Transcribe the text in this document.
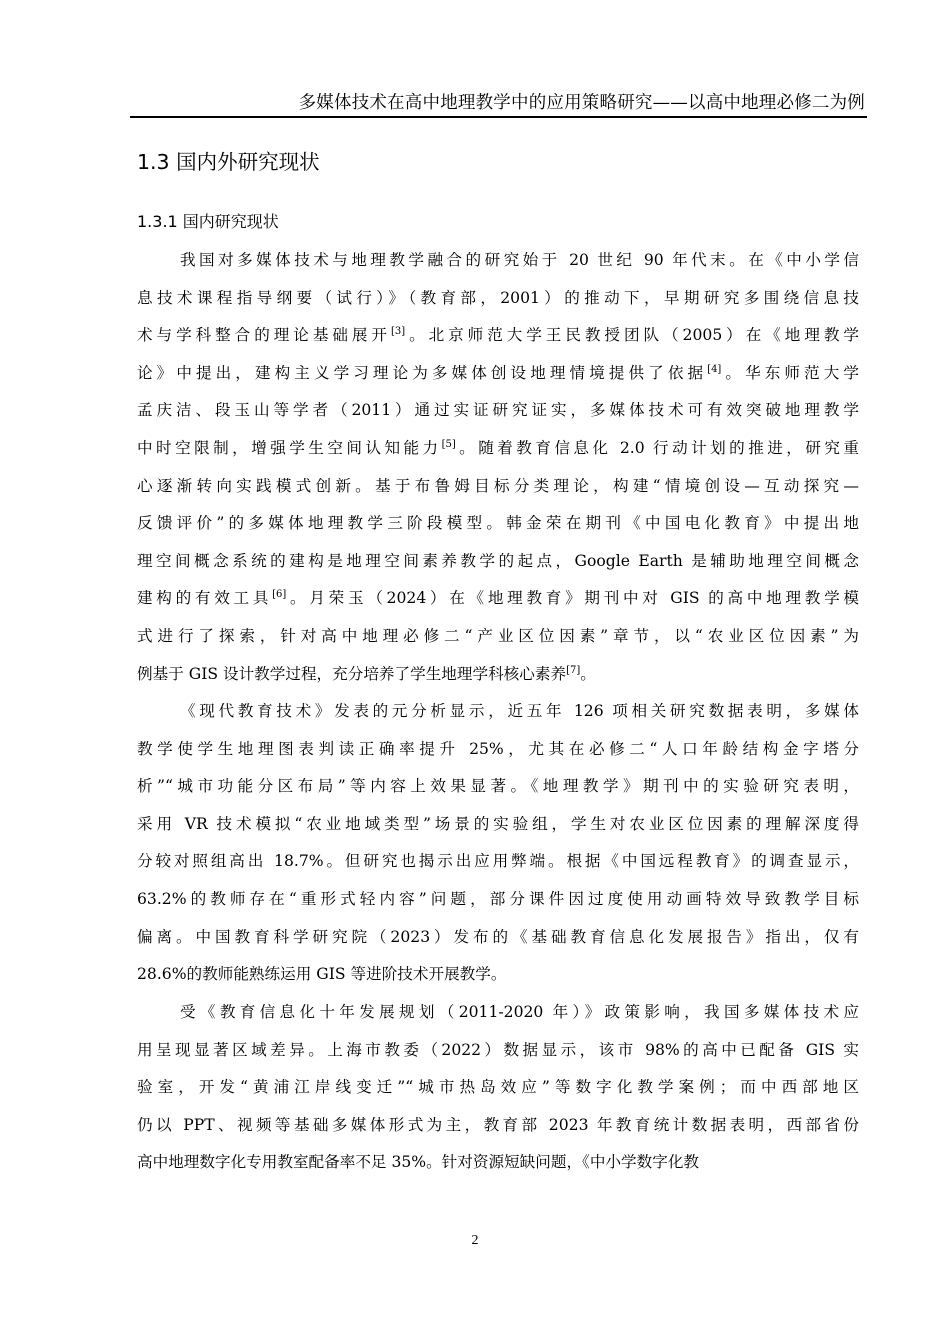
多媒体技术在高中地理教学中的应用策略研究——以高中地理必修二为例
1.3 国内外研究现状
1.3.1 国内研究现状
我国对多媒体技术与地理教学融合的研究始于 20 世纪 90 年代末。在《中小学信
息技术课程指导纲要（试行）》（教育部，2001）的推动下，早期研究多围绕信息技
术与学科整合的理论基础展开[3]。北京师范大学王民教授团队（2005）在《地理教学
论》中提出，建构主义学习理论为多媒体创设地理情境提供了依据[4]。华东师范大学
孟庆洁、段玉山等学者（2011）通过实证研究证实，多媒体技术可有效突破地理教学
中时空限制，增强学生空间认知能力[5]。随着教育信息化 2.0 行动计划的推进，研究重
心逐渐转向实践模式创新。基于布鲁姆目标分类理论，构建“情境创设—互动探究—
反馈评价”的多媒体地理教学三阶段模型。韩金荣在期刊《中国电化教育》中提出地
理空间概念系统的建构是地理空间素养教学的起点，Google Earth 是辅助地理空间概念
建构的有效工具[6]。月荣玉（2024）在《地理教育》期刊中对 GIS 的高中地理教学模
式进行了探索，针对高中地理必修二“产业区位因素”章节，以“农业区位因素”为
例基于 GIS 设计教学过程，充分培养了学生地理学科核心素养[7]。
《现代教育技术》发表的元分析显示，近五年 126 项相关研究数据表明，多媒体
教学使学生地理图表判读正确率提升 25%，尤其在必修二“人口年龄结构金字塔分
析”“城市功能分区布局”等内容上效果显著。《地理教学》期刊中的实验研究表明，
采用 VR 技术模拟“农业地域类型”场景的实验组，学生对农业区位因素的理解深度得
分较对照组高出 18.7%。但研究也揭示出应用弊端。根据《中国远程教育》的调查显示，
63.2%的教师存在“重形式轻内容”问题，部分课件因过度使用动画特效导致教学目标
偏离。中国教育科学研究院（2023）发布的《基础教育信息化发展报告》指出，仅有
28.6%的教师能熟练运用 GIS 等进阶技术开展教学。
受《教育信息化十年发展规划（2011-2020 年）》政策影响，我国多媒体技术应
用呈现显著区域差异。上海市教委（2022）数据显示，该市 98%的高中已配备 GIS 实
验室，开发“黄浦江岸线变迁”“城市热岛效应”等数字化教学案例；而中西部地区
仍以 PPT、视频等基础多媒体形式为主，教育部 2023 年教育统计数据表明，西部省份
高中地理数字化专用教室配备率不足 35%。针对资源短缺问题，《中小学数字化教
2
